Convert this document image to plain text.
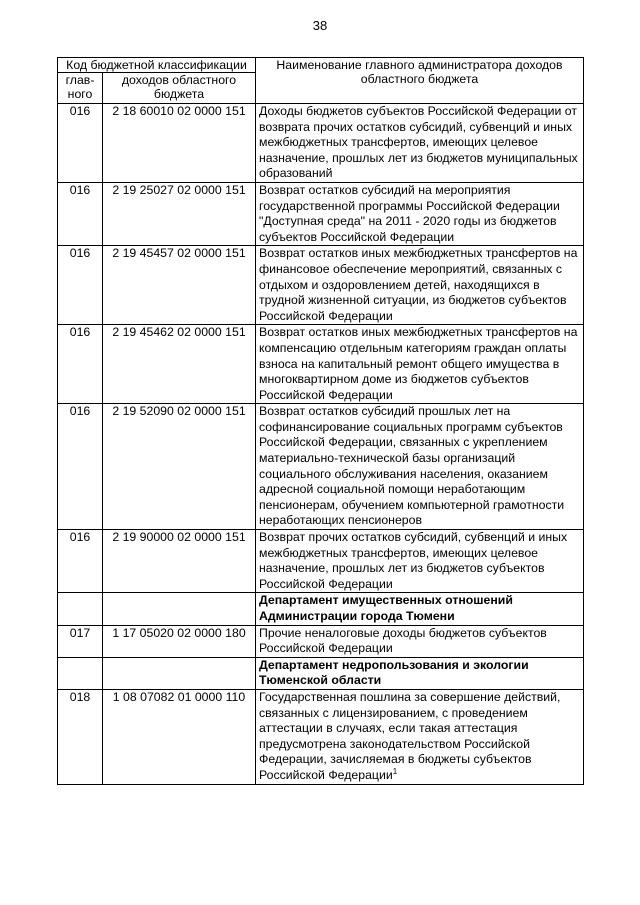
38
Код бюджетной классификации		Наименование главного администратора доходов областного бюджета
глав-ного	доходов областного бюджета	
016	2 18 60010 02 0000 151	Доходы бюджетов субъектов Российской Федерации от возврата прочих остатков субсидий, субвенций и иных межбюджетных трансфертов, имеющих целевое назначение, прошлых лет из бюджетов муниципальных образований
016	2 19 25027 02 0000 151	Возврат остатков субсидий на мероприятия государственной программы Российской Федерации "Доступная среда" на 2011 - 2020 годы из бюджетов субъектов Российской Федерации
016	2 19 45457 02 0000 151	Возврат остатков иных межбюджетных трансфертов на финансовое обеспечение мероприятий, связанных с отдыхом и оздоровлением детей, находящихся в трудной жизненной ситуации, из бюджетов субъектов Российской Федерации
016	2 19 45462 02 0000 151	Возврат остатков иных межбюджетных трансфертов на компенсацию отдельным категориям граждан оплаты взноса на капитальный ремонт общего имущества в многоквартирном доме из бюджетов субъектов Российской Федерации
016	2 19 52090 02 0000 151	Возврат остатков субсидий прошлых лет на софинансирование социальных программ субъектов Российской Федерации, связанных с укреплением материально-технической базы организаций социального обслуживания населения, оказанием адресной социальной помощи неработающим пенсионерам, обучением компьютерной грамотности неработающих пенсионеров
016	2 19 90000 02 0000 151	Возврат прочих остатков субсидий, субвенций и иных межбюджетных трансфертов, имеющих целевое назначение, прошлых лет из бюджетов субъектов Российской Федерации
		Департамент имущественных отношений Администрации города Тюмени
017	1 17 05020 02 0000 180	Прочие неналоговые доходы бюджетов субъектов Российской Федерации
		Департамент недропользования и экологии Тюменской области
018	1 08 07082 01 0000 110	Государственная пошлина за совершение действий, связанных с лицензированием, с проведением аттестации в случаях, если такая аттестация предусмотрена законодательством Российской Федерации, зачисляемая в бюджеты субъектов Российской Федерации$^1$
